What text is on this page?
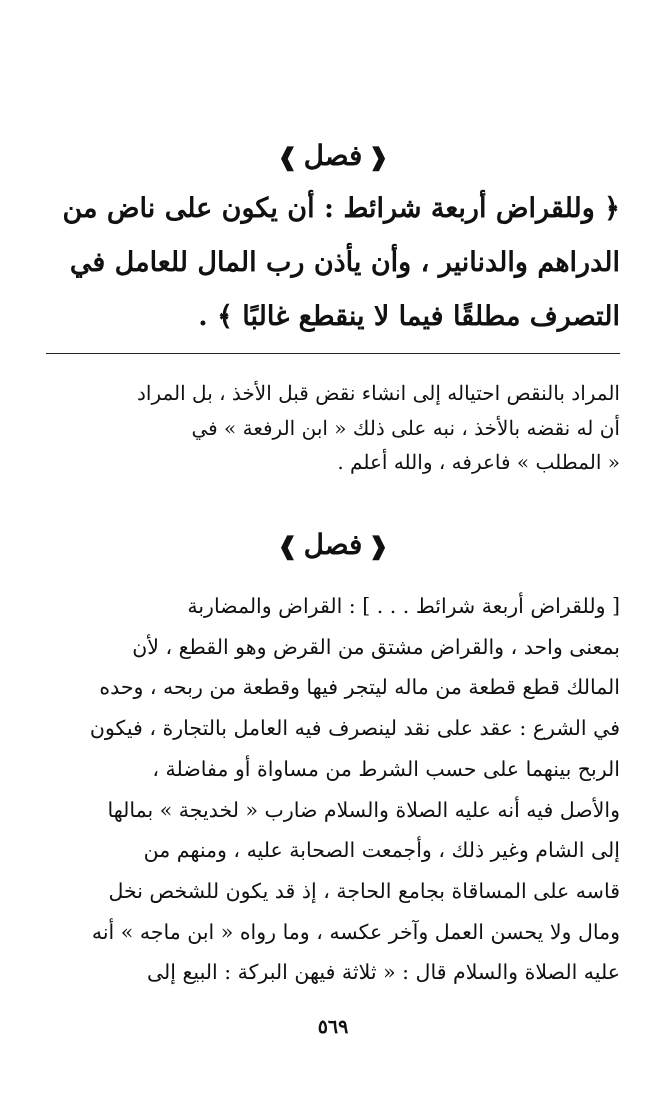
❰فصل❱
﴿ وللقراض أربعة شرائط : أن يكون على ناض من
الدراهم والدنانير ، وأن يأذن رب المال للعامل في
التصرف مطلقًا فيما لا ينقطع غالبًا ﴾ .
المراد بالنقص احتياله إلى انشاء نقض قبل الأخذ ، بل المراد
أن له نقضه بالأخذ ، نبه على ذلك « ابن الرفعة » في
« المطلب » فاعرفه ، والله أعلم .
❰فصل❱
[ وللقراض أربعة شرائط . . . ] : القراض والمضاربة
بمعنى واحد ، والقراض مشتق من القرض وهو القطع ، لأن
المالك قطع قطعة من ماله ليتجر فيها وقطعة من ربحه ، وحده
في الشرع : عقد على نقد لينصرف فيه العامل بالتجارة ، فيكون
الربح بينهما على حسب الشرط من مساواة أو مفاضلة ،
والأصل فيه أنه عليه الصلاة والسلام ضارب « لخديجة » بمالها
إلى الشام وغير ذلك ، وأجمعت الصحابة عليه ، ومنهم من
قاسه على المساقاة بجامع الحاجة ، إذ قد يكون للشخص نخل
ومال ولا يحسن العمل وآخر عكسه ، وما رواه « ابن ماجه » أنه
عليه الصلاة والسلام قال : « ثلاثة فيهن البركة : البيع إلى
٥٦٩
